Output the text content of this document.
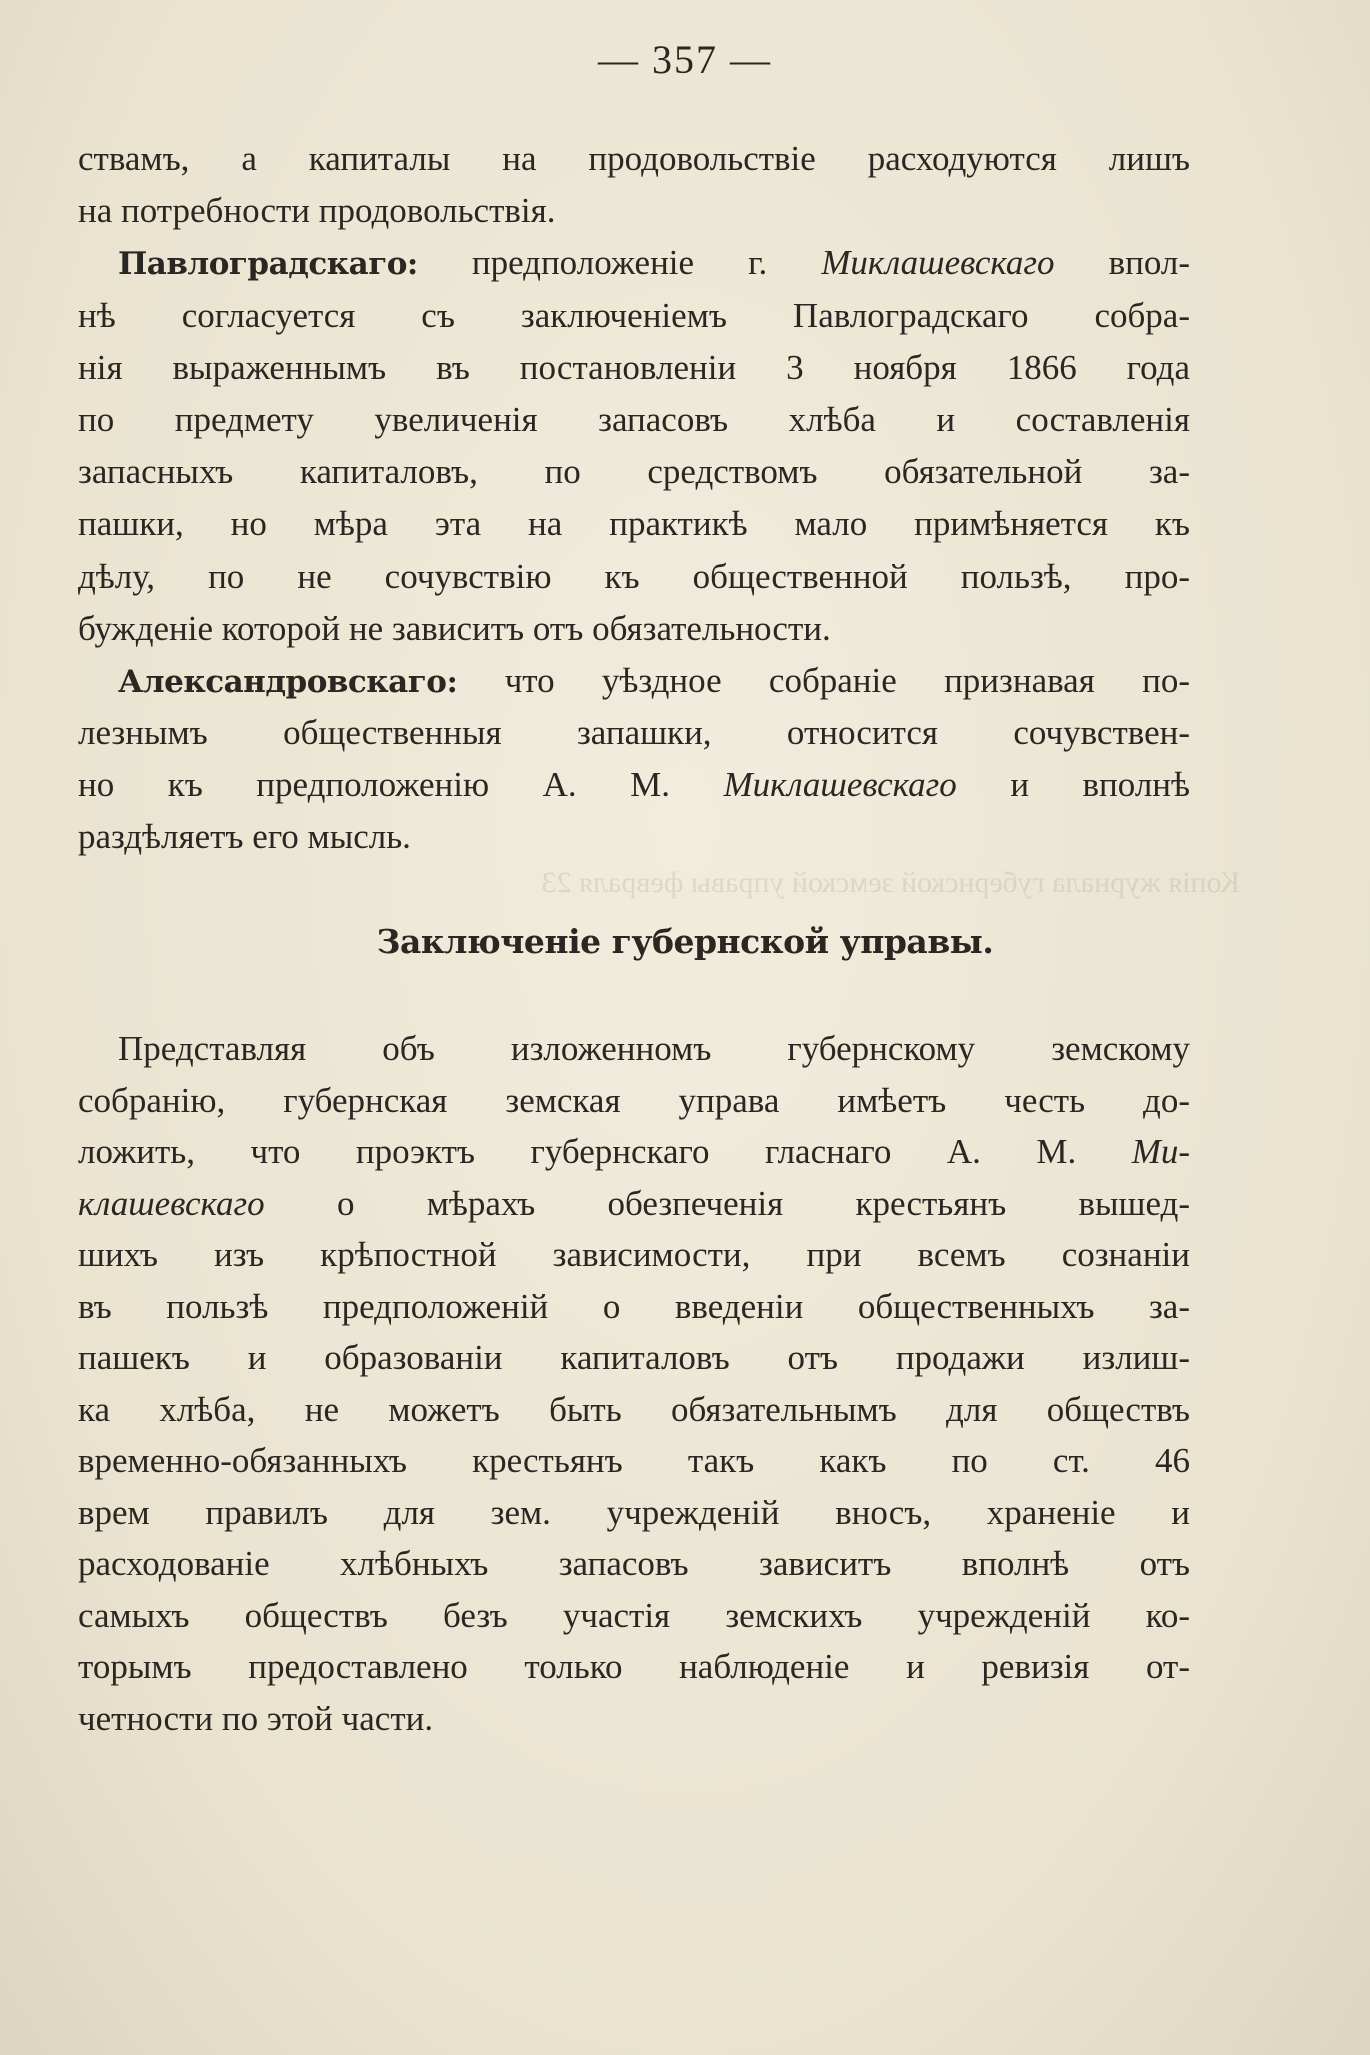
— 357 —
Копія журнала губернской земской управы февраля 23
ствамъ, а капиталы на продовольствіе расходуются лишъ
на потребности продовольствія.
Павлоградскаго: предположеніе г. Миклашевскаго впол-
нѣ согласуется съ заключеніемъ Павлоградскаго собра-
нія выраженнымъ въ постановленіи 3 ноября 1866 года
по предмету увеличенія запасовъ хлѣба и составленія
запасныхъ капиталовъ, по средствомъ обязательной за-
пашки, но мѣра эта на практикѣ мало примѣняется къ
дѣлу, по не сочувствію къ общественной пользѣ, про-
бужденіе которой не зависитъ отъ обязательности.
Александровскаго: что уѣздное собраніе признавая по-
лезнымъ общественныя запашки, относится сочувствен-
но къ предположенію А. М. Миклашевскаго и вполнѣ
раздѣляетъ его мысль.
Заключеніе губернской управы.
Представляя объ изложенномъ губернскому земскому
собранію, губернская земская управа имѣетъ честь до-
ложить, что проэктъ губернскаго гласнаго А. М. Ми-
клашевскаго о мѣрахъ обезпеченія крестьянъ вышед-
шихъ изъ крѣпостной зависимости, при всемъ сознаніи
въ пользѣ предположеній о введеніи общественныхъ за-
пашекъ и образованіи капиталовъ отъ продажи излиш-
ка хлѣба, не можетъ быть обязательнымъ для обществъ
временно-обязанныхъ крестьянъ такъ какъ по ст. 46
врем правилъ для зем. учрежденій вносъ, храненіе и
расходованіе хлѣбныхъ запасовъ зависитъ вполнѣ отъ
самыхъ обществъ безъ участія земскихъ учрежденій ко-
торымъ предоставлено только наблюденіе и ревизія от-
четности по этой части.
